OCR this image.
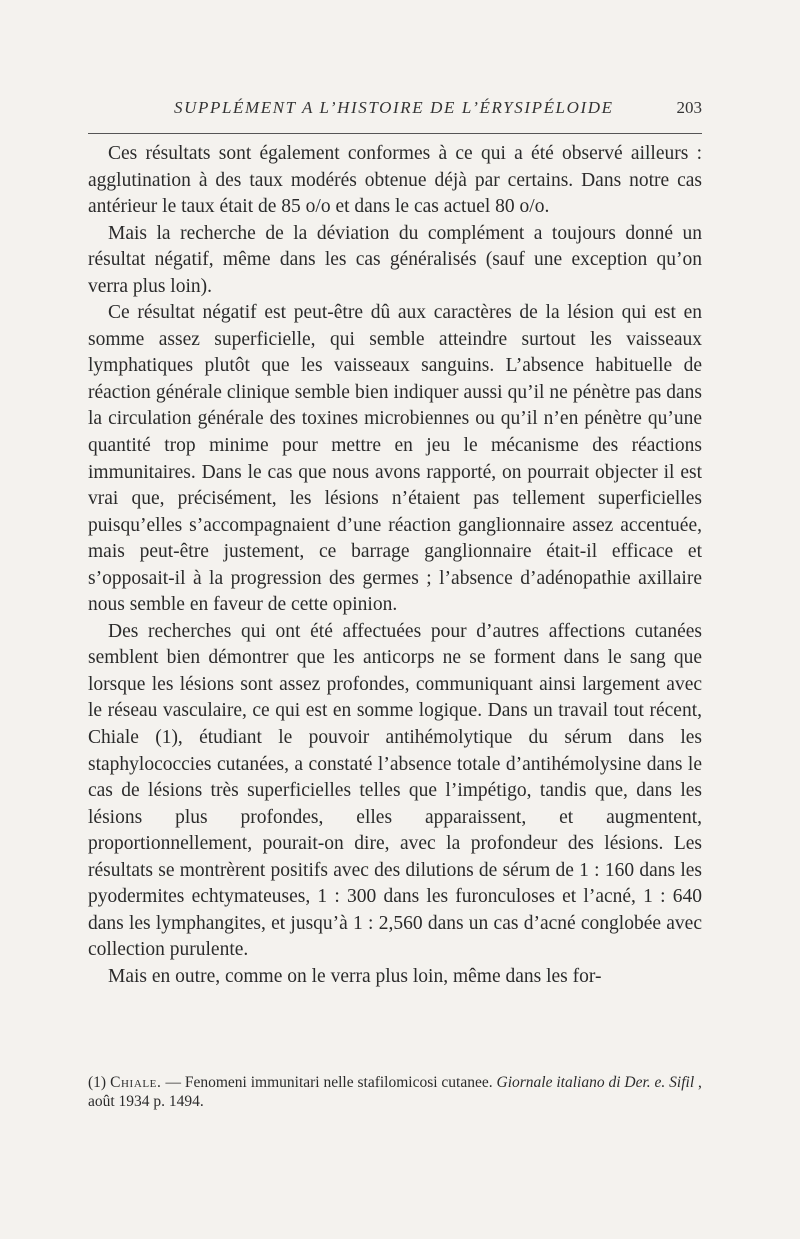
SUPPLÉMENT A L’HISTOIRE DE L’ÉRYSIPÉLOIDE	203

Ces résultats sont également conformes à ce qui a été observé ailleurs : agglutination à des taux modérés obtenue déjà par certains. Dans notre cas antérieur le taux était de 85 o/o et dans le cas actuel 80 o/o.

Mais la recherche de la déviation du complément a toujours donné un résultat négatif, même dans les cas généralisés (sauf une exception qu’on verra plus loin).

Ce résultat négatif est peut-être dû aux caractères de la lésion qui est en somme assez superficielle, qui semble atteindre surtout les vaisseaux lymphatiques plutôt que les vaisseaux sanguins. L’absence habituelle de réaction générale clinique semble bien indiquer aussi qu’il ne pénètre pas dans la circulation générale des toxines microbiennes ou qu’il n’en pénètre qu’une quantité trop minime pour mettre en jeu le mécanisme des réactions immunitaires. Dans le cas que nous avons rapporté, on pourrait objecter il est vrai que, précisément, les lésions n’étaient pas tellement superficielles puisqu’elles s’accompagnaient d’une réaction ganglionnaire assez accentuée, mais peut-être justement, ce barrage ganglionnaire était-il efficace et s’opposait-il à la progression des germes ; l’absence d’adénopathie axillaire nous semble en faveur de cette opinion.

Des recherches qui ont été affectuées pour d’autres affections cutanées semblent bien démontrer que les anticorps ne se forment dans le sang que lorsque les lésions sont assez profondes, communiquant ainsi largement avec le réseau vasculaire, ce qui est en somme logique. Dans un travail tout récent, Chiale (1), étudiant le pouvoir antihémolytique du sérum dans les staphylococcies cutanées, a constaté l’absence totale d’antihémolysine dans le cas de lésions très superficielles telles que l’impétigo, tandis que, dans les lésions plus profondes, elles apparaissent, et augmentent, proportionnellement, pourait-on dire, avec la profondeur des lésions. Les résultats se montrèrent positifs avec des dilutions de sérum de 1 : 160 dans les pyodermites echtymateuses, 1 : 300 dans les furonculoses et l’acné, 1 : 640 dans les lymphangites, et jusqu’à 1 : 2,560 dans un cas d’acné conglobée avec collection purulente.

Mais en outre, comme on le verra plus loin, même dans les for-

(1) Chiale. — Fenomeni immunitari nelle stafilomicosi cutanee. Giornale italiano di Der. e. Sifil , août 1934 p. 1494.
